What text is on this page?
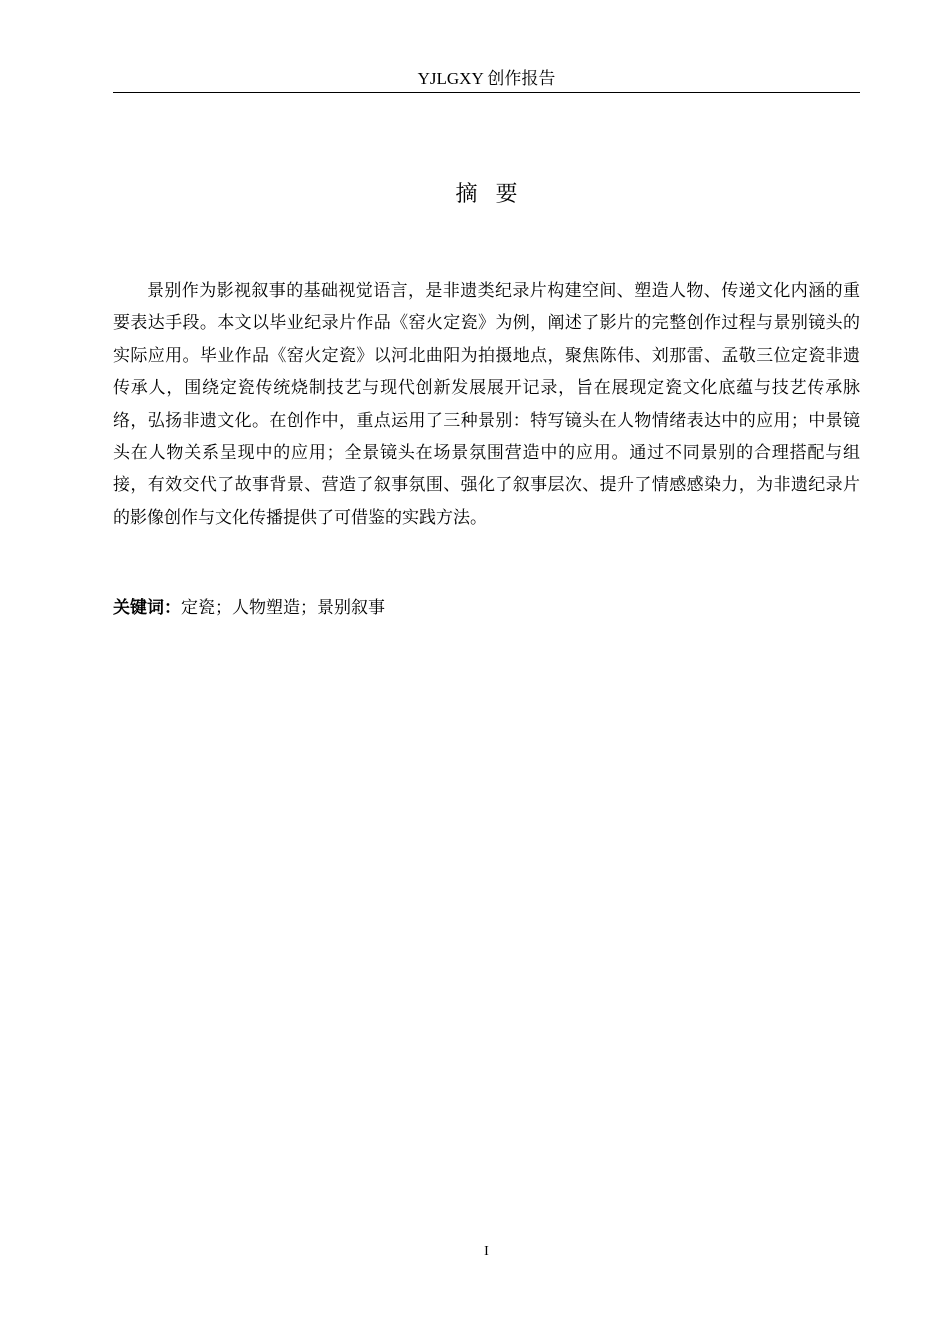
YJLGXY 创作报告
摘要

景别作为影视叙事的基础视觉语言，是非遗类纪录片构建空间、塑造人物、传递文化内涵的重要表达手段。本文以毕业纪录片作品《窑火定瓷》为例，阐述了影片的完整创作过程与景别镜头的实际应用。毕业作品《窑火定瓷》以河北曲阳为拍摄地点，聚焦陈伟、刘那雷、孟敬三位定瓷非遗传承人，围绕定瓷传统烧制技艺与现代创新发展展开记录，旨在展现定瓷文化底蕴与技艺传承脉络，弘扬非遗文化。在创作中，重点运用了三种景别：特写镜头在人物情绪表达中的应用；中景镜头在人物关系呈现中的应用；全景镜头在场景氛围营造中的应用。通过不同景别的合理搭配与组接，有效交代了故事背景、营造了叙事氛围、强化了叙事层次、提升了情感感染力，为非遗纪录片的影像创作与文化传播提供了可借鉴的实践方法。

关键词：定瓷；人物塑造；景别叙事

I
